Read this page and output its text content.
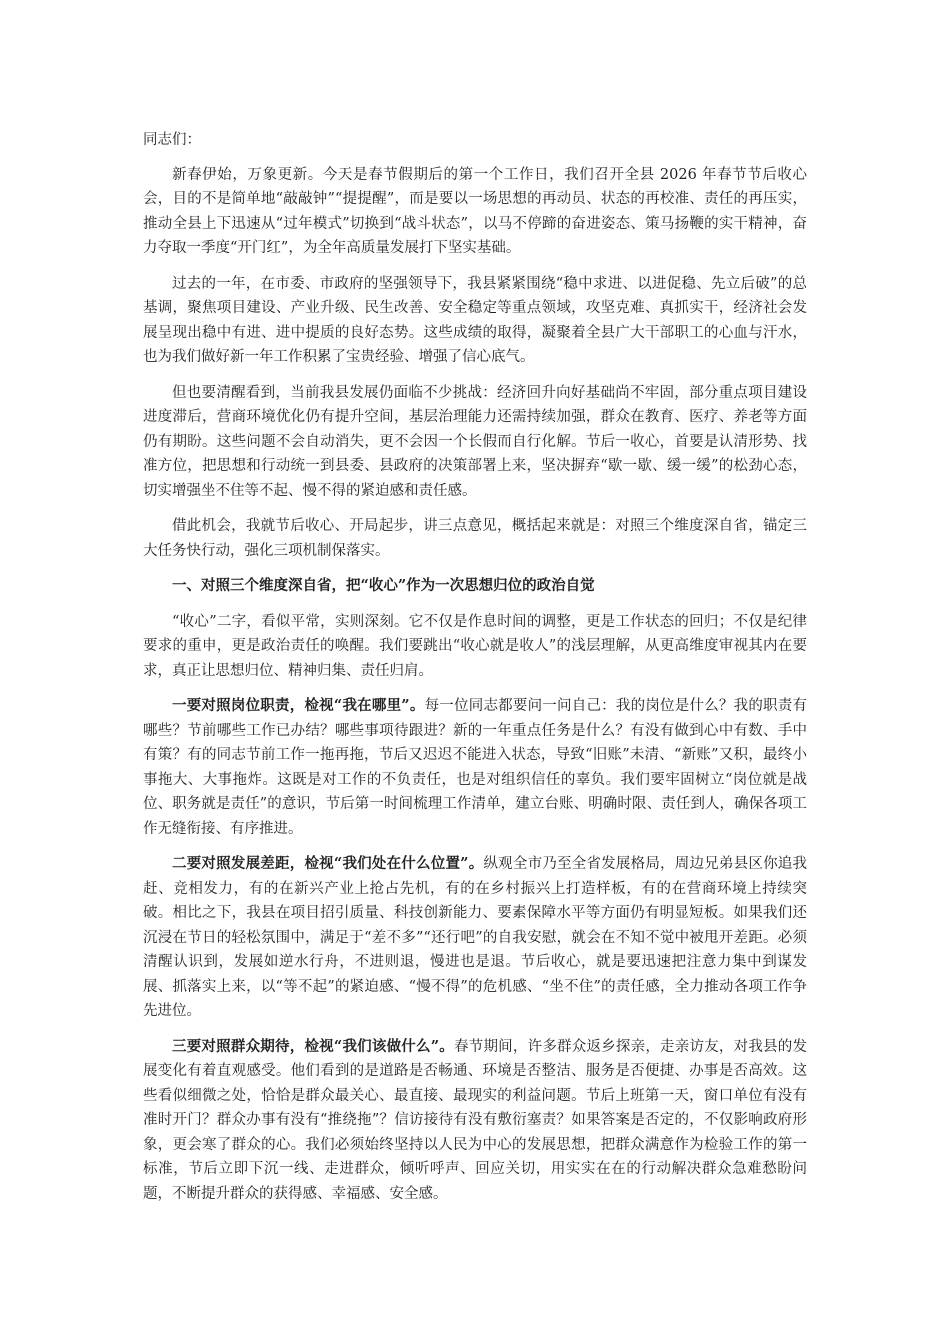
同志们：

新春伊始，万象更新。今天是春节假期后的第一个工作日，我们召开全县 2026 年春节节后收心会，目的不是简单地“敲敲钟”“提提醒”，而是要以一场思想的再动员、状态的再校准、责任的再压实，推动全县上下迅速从“过年模式”切换到“战斗状态”，以马不停蹄的奋进姿态、策马扬鞭的实干精神，奋力夺取一季度“开门红”，为全年高质量发展打下坚实基础。

过去的一年，在市委、市政府的坚强领导下，我县紧紧围绕“稳中求进、以进促稳、先立后破”的总基调，聚焦项目建设、产业升级、民生改善、安全稳定等重点领域，攻坚克难、真抓实干，经济社会发展呈现出稳中有进、进中提质的良好态势。这些成绩的取得，凝聚着全县广大干部职工的心血与汗水，也为我们做好新一年工作积累了宝贵经验、增强了信心底气。

但也要清醒看到，当前我县发展仍面临不少挑战：经济回升向好基础尚不牢固，部分重点项目建设进度滞后，营商环境优化仍有提升空间，基层治理能力还需持续加强，群众在教育、医疗、养老等方面仍有期盼。这些问题不会自动消失，更不会因一个长假而自行化解。节后一收心，首要是认清形势、找准方位，把思想和行动统一到县委、县政府的决策部署上来，坚决摒弃“歇一歇、缓一缓”的松劲心态，切实增强坐不住等不起、慢不得的紧迫感和责任感。

借此机会，我就节后收心、开局起步，讲三点意见，概括起来就是：对照三个维度深自省，锚定三大任务快行动，强化三项机制保落实。

一、对照三个维度深自省，把“收心”作为一次思想归位的政治自觉

“收心”二字，看似平常，实则深刻。它不仅是作息时间的调整，更是工作状态的回归；不仅是纪律要求的重申，更是政治责任的唤醒。我们要跳出“收心就是收人”的浅层理解，从更高维度审视其内在要求，真正让思想归位、精神归集、责任归肩。

一要对照岗位职责，检视“我在哪里”。每一位同志都要问一问自己：我的岗位是什么？我的职责有哪些？节前哪些工作已办结？哪些事项待跟进？新的一年重点任务是什么？有没有做到心中有数、手中有策？有的同志节前工作一拖再拖，节后又迟迟不能进入状态，导致“旧账”未清、“新账”又积，最终小事拖大、大事拖炸。这既是对工作的不负责任，也是对组织信任的辜负。我们要牢固树立“岗位就是战位、职务就是责任”的意识，节后第一时间梳理工作清单，建立台账、明确时限、责任到人，确保各项工作无缝衔接、有序推进。

二要对照发展差距，检视“我们处在什么位置”。纵观全市乃至全省发展格局，周边兄弟县区你追我赶、竞相发力，有的在新兴产业上抢占先机，有的在乡村振兴上打造样板，有的在营商环境上持续突破。相比之下，我县在项目招引质量、科技创新能力、要素保障水平等方面仍有明显短板。如果我们还沉浸在节日的轻松氛围中，满足于“差不多”“还行吧”的自我安慰，就会在不知不觉中被甩开差距。必须清醒认识到，发展如逆水行舟，不进则退，慢进也是退。节后收心，就是要迅速把注意力集中到谋发展、抓落实上来，以“等不起”的紧迫感、“慢不得”的危机感、“坐不住”的责任感，全力推动各项工作争先进位。

三要对照群众期待，检视“我们该做什么”。春节期间，许多群众返乡探亲，走亲访友，对我县的发展变化有着直观感受。他们看到的是道路是否畅通、环境是否整洁、服务是否便捷、办事是否高效。这些看似细微之处，恰恰是群众最关心、最直接、最现实的利益问题。节后上班第一天，窗口单位有没有准时开门？群众办事有没有“推绕拖”？信访接待有没有敷衍塞责？如果答案是否定的，不仅影响政府形象，更会寒了群众的心。我们必须始终坚持以人民为中心的发展思想，把群众满意作为检验工作的第一标准，节后立即下沉一线、走进群众，倾听呼声、回应关切，用实实在在的行动解决群众急难愁盼问题，不断提升群众的获得感、幸福感、安全感。
